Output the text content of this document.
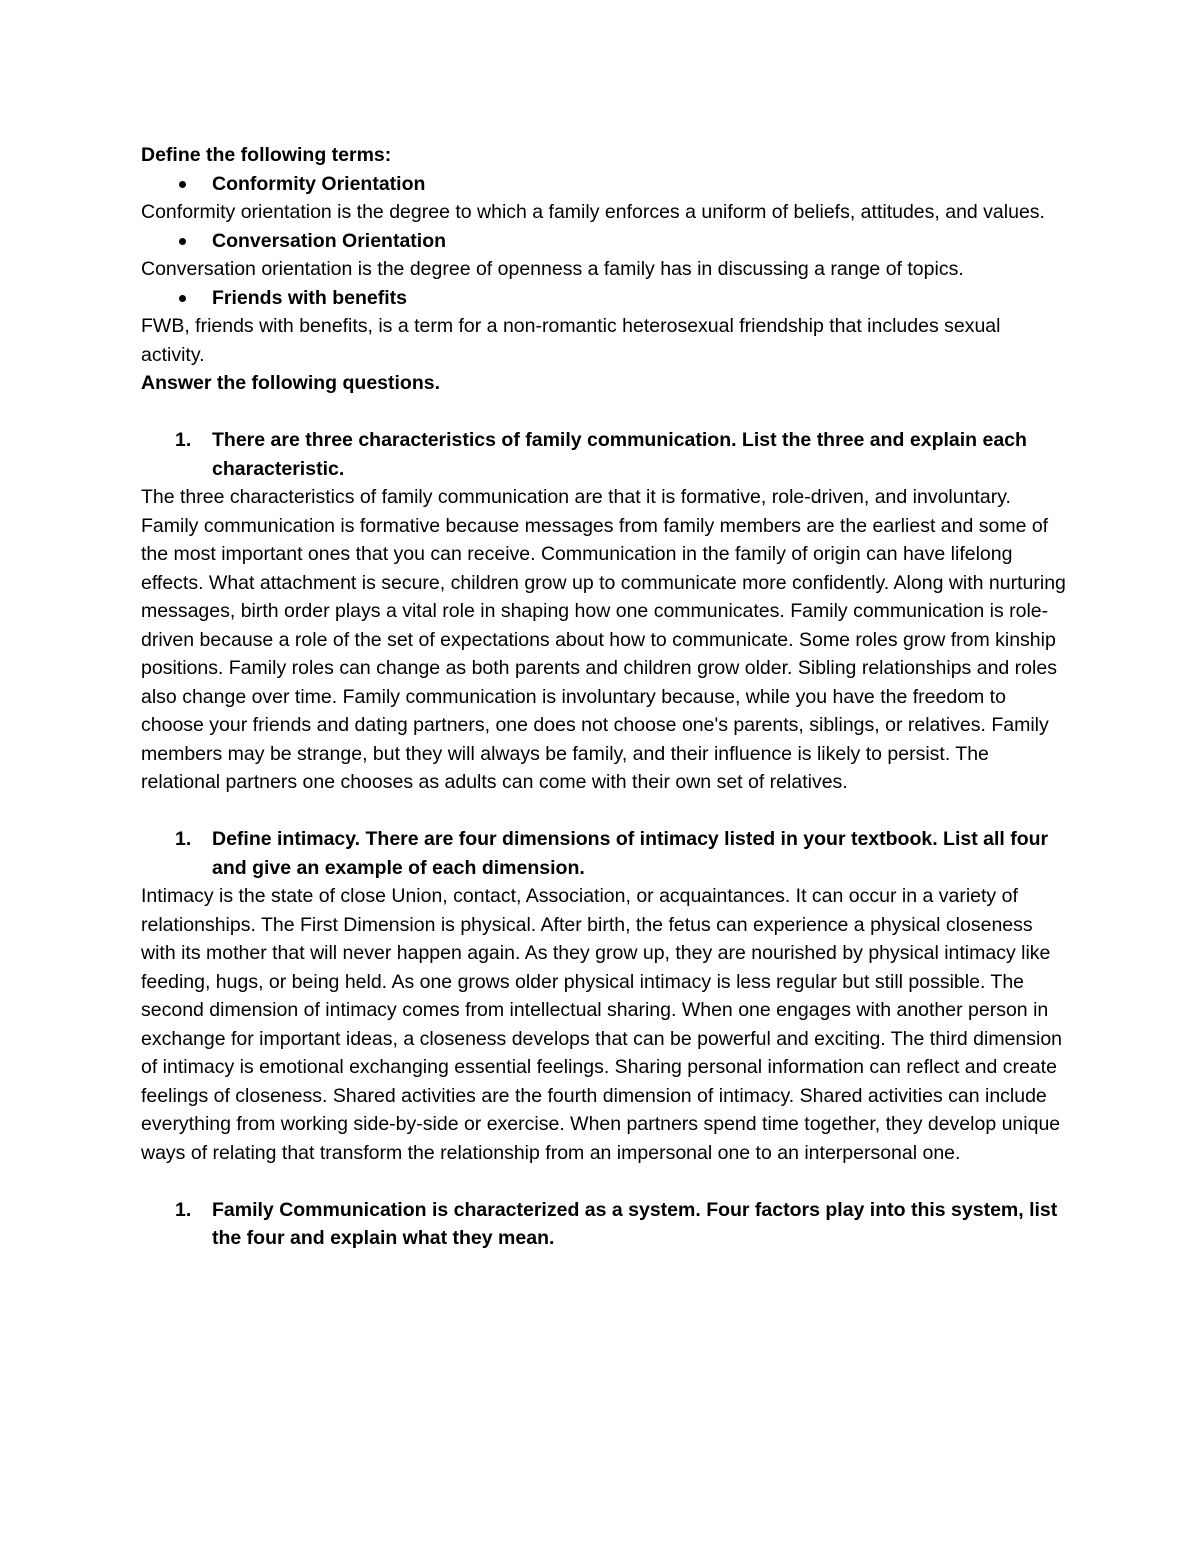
Define the following terms:

Conformity Orientation

Conformity orientation is the degree to which a family enforces a uniform of beliefs, attitudes, and values.

Conversation Orientation

Conversation orientation is the degree of openness a family has in discussing a range of topics.

Friends with benefits

FWB, friends with benefits, is a term for a non-romantic heterosexual friendship that includes sexual activity.

Answer the following questions.

1. There are three characteristics of family communication. List the three and explain each characteristic.

The three characteristics of family communication are that it is formative, role-driven, and involuntary. Family communication is formative because messages from family members are the earliest and some of the most important ones that you can receive. Communication in the family of origin can have lifelong effects. What attachment is secure, children grow up to communicate more confidently. Along with nurturing messages, birth order plays a vital role in shaping how one communicates. Family communication is role-driven because a role of the set of expectations about how to communicate. Some roles grow from kinship positions. Family roles can change as both parents and children grow older. Sibling relationships and roles also change over time. Family communication is involuntary because, while you have the freedom to choose your friends and dating partners, one does not choose one's parents, siblings, or relatives. Family members may be strange, but they will always be family, and their influence is likely to persist. The relational partners one chooses as adults can come with their own set of relatives.

1. Define intimacy. There are four dimensions of intimacy listed in your textbook. List all four and give an example of each dimension.

Intimacy is the state of close Union, contact, Association, or acquaintances. It can occur in a variety of relationships. The First Dimension is physical. After birth, the fetus can experience a physical closeness with its mother that will never happen again. As they grow up, they are nourished by physical intimacy like feeding, hugs, or being held. As one grows older physical intimacy is less regular but still possible. The second dimension of intimacy comes from intellectual sharing. When one engages with another person in exchange for important ideas, a closeness develops that can be powerful and exciting. The third dimension of intimacy is emotional exchanging essential feelings. Sharing personal information can reflect and create feelings of closeness. Shared activities are the fourth dimension of intimacy. Shared activities can include everything from working side-by-side or exercise. When partners spend time together, they develop unique ways of relating that transform the relationship from an impersonal one to an interpersonal one.

1. Family Communication is characterized as a system. Four factors play into this system, list the four and explain what they mean.
